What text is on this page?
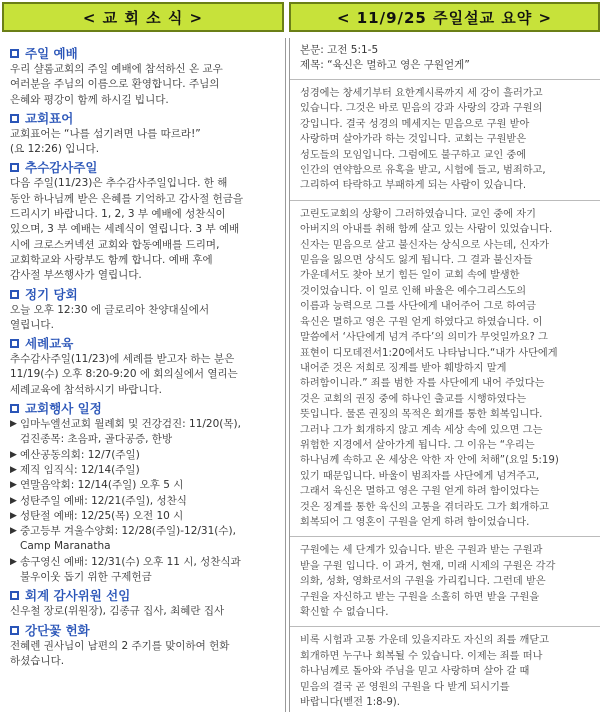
< 교 회 소 식 >	< 11/9/25 주일설교 요약 >
주일 예배

우리 샬롬교회의 주일 예배에 참석하신 온 교우
여러분을 주님의 이름으로 환영합니다. 주님의
은혜와 평강이 함께 하시길 빕니다.

교회표어

교회표어는 “나를 섬기려면 나를 따르라!”
(요 12:26) 입니다.

추수감사주일

다음 주일(11/23)은 추수감사주일입니다. 한 해
동안 하나님께 받은 은혜를 기억하고 감사절 헌금을
드리시기 바랍니다. 1, 2, 3 부 예배에 성찬식이
있으며, 3 부 예배는 세례식이 열립니다. 3 부 예배
시에 크로스커넥션 교회와 합동예배를 드리며,
교회학교와 사랑부도 함께 합니다. 예배 후에
감사절 부쓰행사가 열립니다.

정기 당회

오늘 오후 12:30 에 글로리아 찬양대실에서
열립니다.

세례교육

추수감사주일(11/23)에 세례를 받고자 하는 분은
11/19(수) 오후 8:20-9:20 에 회의실에서 열리는
세례교육에 참석하시기 바랍니다.

교회행사 일정
▶ 임마누엘선교회 월례회 및 건강검진: 11/20(목),
검진종목: 초음파, 골다공증, 한방
▶ 예산공동의회: 12/7(주일)
▶ 제직 임직식: 12/14(주일)
▶ 연말음악회: 12/14(주일) 오후 5 시
▶ 성탄주일 예배: 12/21(주일), 성찬식
▶ 성탄절 예배: 12/25(목) 오전 10 시
▶ 중고등부 겨울수양회: 12/28(주일)-12/31(수),
Camp Maranatha
▶ 송구영신 예배: 12/31(수) 오후 11 시, 성찬식과
불우이웃 돕기 위한 구제헌금
회계 감사위원 선임

신우철 장로(위원장), 김종규 집사, 최혜란 집사

강단꽃 헌화

전혜렌 권사님이 남편의 2 주기를 맞이하여 헌화
하셨습니다.

본문: 고전 5:1-5
제목: “육신은 멸하고 영은 구원얻게”

성경에는 창세기부터 요한계시록까지 세 강이 흘러가고
있습니다. 그것은 바로 믿음의 강과 사랑의 강과 구원의
강입니다. 결국 성경의 메세지는 믿음으로 구원 받아
사랑하며 살아가라 하는 것입니다. 교회는 구원받은
성도들의 모임입니다. 그럼에도 불구하고 교인 중에
인간의 연약함으로 유혹을 받고, 시험에 들고, 범죄하고,
그리하여 타락하고 부패하게 되는 사람이 있습니다.

고린도교회의 상황이 그러하였습니다. 교인 중에 자기
아버지의 아내를 취해 함께 살고 있는 사람이 있었습니다.
신자는 믿음으로 살고 불신자는 상식으로 사는데, 신자가
믿음을 잃으면 상식도 잃게 됩니다. 그 결과 불신자들
가운데서도 찾아 보기 힘든 일이 교회 속에 발생한
것이었습니다. 이 일로 인해 바울은 예수그리스도의
이름과 능력으로 그를 사단에게 내어주어 그로 하여금
육신은 멸하고 영은 구원 얻게 하였다고 하였습니다. 이
말씀에서 ‘사단에게 넘겨 주다’의 의미가 무엇일까요? 그
표현이 디모데전서1:20에서도 나타납니다.“내가 사단에게
내어준 것은 저희로 징계를 받아 훼방하지 말게
하려함이니라.” 죄를 범한 자를 사단에게 내어 주었다는
것은 교회의 권징 중에 하나인 출교를 시행하였다는
뜻입니다. 물론 권징의 목적은 회개를 통한 회복입니다.
그러나 그가 회개하지 않고 계속 세상 속에 있으면 그는
위험한 지경에서 살아가게 됩니다. 그 이유는 “우리는
하나님께 속하고 온 세상은 악한 자 안에 처해”(요일 5:19)
있기 때문입니다. 바울이 범죄자를 사단에게 넘겨주고,
그래서 육신은 멸하고 영은 구원 얻게 하려 함이었다는
것은 징계를 통한 육신의 고통을 겪더라도 그가 회개하고
회복되어 그 영혼이 구원을 얻게 하려 함이었습니다.

구원에는 세 단계가 있습니다. 받은 구원과 받는 구원과
받을 구원 입니다. 이 과거, 현재, 미래 시제의 구원은 각각
의화, 성화, 영화로서의 구원을 가리킵니다. 그런데 받은
구원을 자신하고 받는 구원을 소홀히 하면 받을 구원을
확신할 수 없습니다.

비록 시험과 고통 가운데 있을지라도 자신의 죄를 깨닫고
회개하면 누구나 회복될 수 있습니다. 이제는 죄를 떠나
하나님께로 돌아와 주님을 믿고 사랑하며 살아 갈 때
믿음의 결국 곧 영원의 구원을 다 받게 되시기를
바랍니다(벧전 1:8-9).
